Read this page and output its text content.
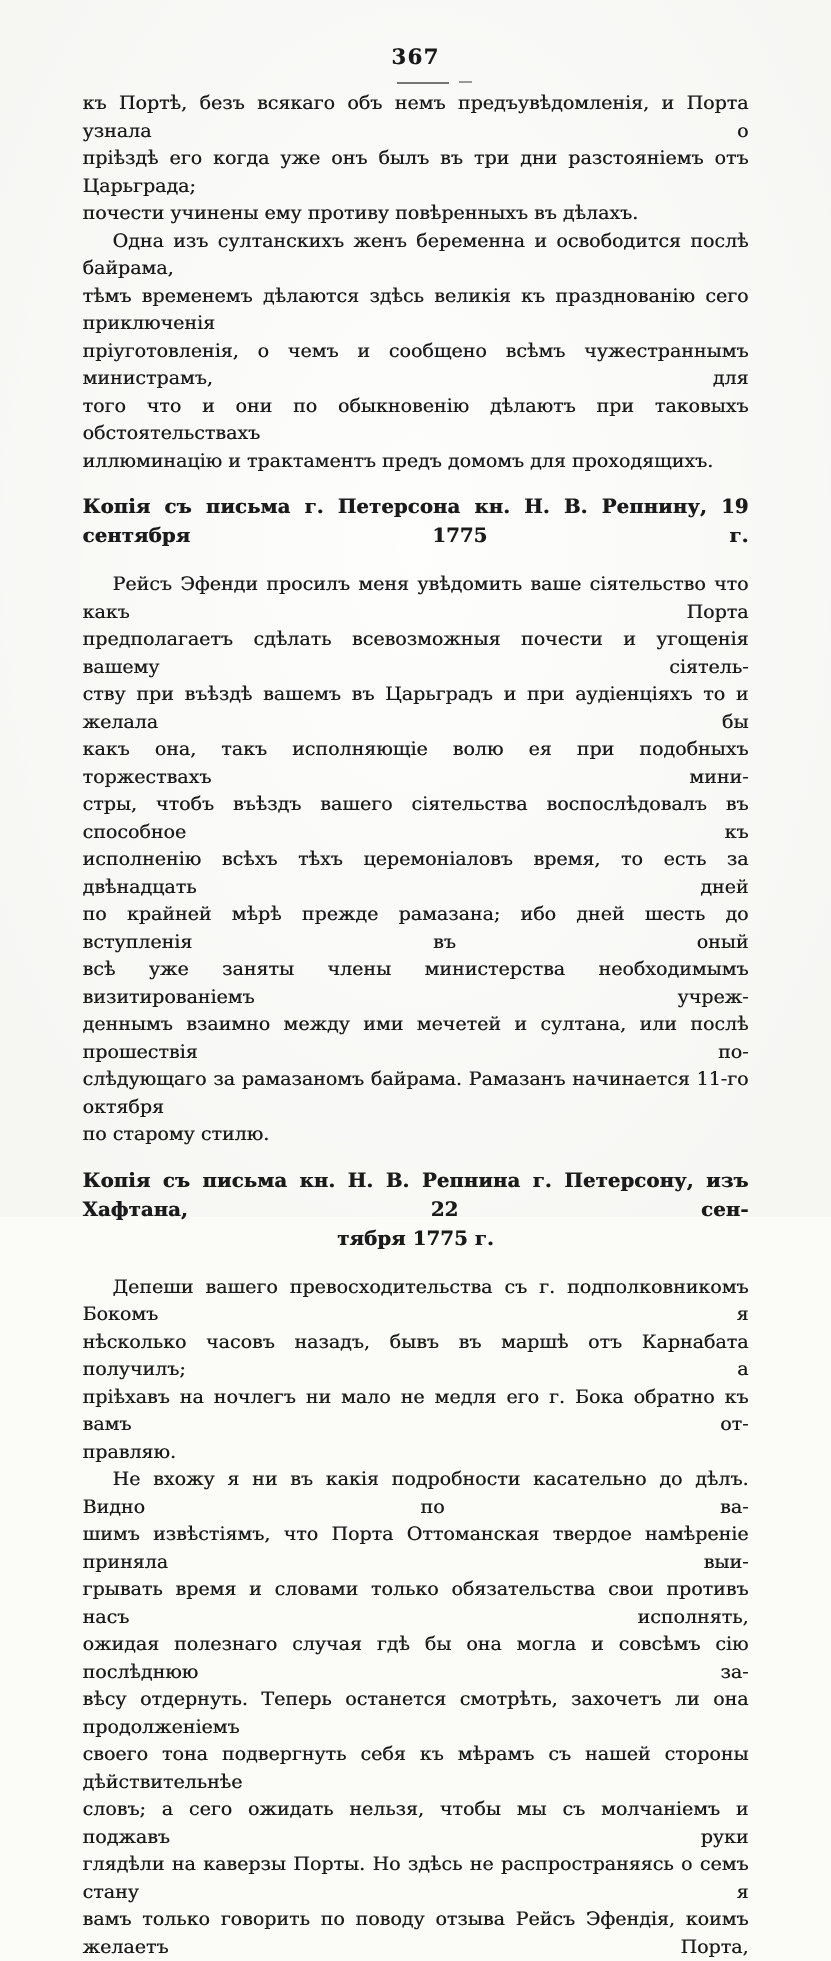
367
къ Портѣ, безъ всякаго объ немъ предъувѣдомленія, и Порта узнала о
пріѣздѣ его когда уже онъ былъ въ три дни разстояніемъ отъ Царьграда;
почести учинены ему противу повѣренныхъ въ дѣлахъ.
Одна изъ султанскихъ женъ беременна и освободится послѣ байрама,
тѣмъ временемъ дѣлаются здѣсь великія къ празднованію сего приключенія
пріуготовленія, о чемъ и сообщено всѣмъ чужестраннымъ министрамъ, для
того что и они по обыкновенію дѣлаютъ при таковыхъ обстоятельствахъ
иллюминацію и трактаментъ предъ домомъ для проходящихъ.
Копія съ письма г. Петерсона кн. Н. В. Репнину, 19 сентября 1775 г.
Рейсъ Эфенди просилъ меня увѣдомить ваше сіятельство что какъ Порта
предполагаетъ сдѣлать всевозможныя почести и угощенія вашему сіятель-
ству при въѣздѣ вашемъ въ Царьградъ и при аудіенціяхъ то и желала бы
какъ она, такъ исполняющіе волю ея при подобныхъ торжествахъ мини-
стры, чтобъ въѣздъ вашего сіятельства воспослѣдовалъ въ способное къ
исполненію всѣхъ тѣхъ церемоніаловъ время, то есть за двѣнадцать дней
по крайней мѣрѣ прежде рамазана; ибо дней шесть до вступленія въ оный
всѣ уже заняты члены министерства необходимымъ визитированіемъ учреж-
деннымъ взаимно между ими мечетей и султана, или послѣ прошествія по-
слѣдующаго за рамазаномъ байрама. Рамазанъ начинается 11-го октября
по старому стилю.
Копія съ письма кн. Н. В. Репнина г. Петерсону, изъ Хафтана, 22 сен-
тября 1775 г.
Депеши вашего превосходительства съ г. подполковникомъ Бокомъ я
нѣсколько часовъ назадъ, бывъ въ маршѣ отъ Карнабата получилъ; а
пріѣхавъ на ночлегъ ни мало не медля его г. Бока обратно къ вамъ от-
правляю.
Не вхожу я ни въ какія подробности касательно до дѣлъ. Видно по ва-
шимъ извѣстіямъ, что Порта Оттоманская твердое намѣреніе приняла выи-
грывать время и словами только обязательства свои противъ насъ исполнять,
ожидая полезнаго случая гдѣ бы она могла и совсѣмъ сію послѣднюю за-
вѣсу отдернуть. Теперь останется смотрѣть, захочетъ ли она продолженіемъ
своего тона подвергнуть себя къ мѣрамъ съ нашей стороны дѣйствительнѣе
словъ; а сего ожидать нельзя, чтобы мы съ молчаніемъ и поджавъ руки
глядѣли на каверзы Порты. Но здѣсь не распространяясь о семъ стану я
вамъ только говорить по поводу отзыва Рейсъ Эфендія, коимъ желаетъ Порта,
